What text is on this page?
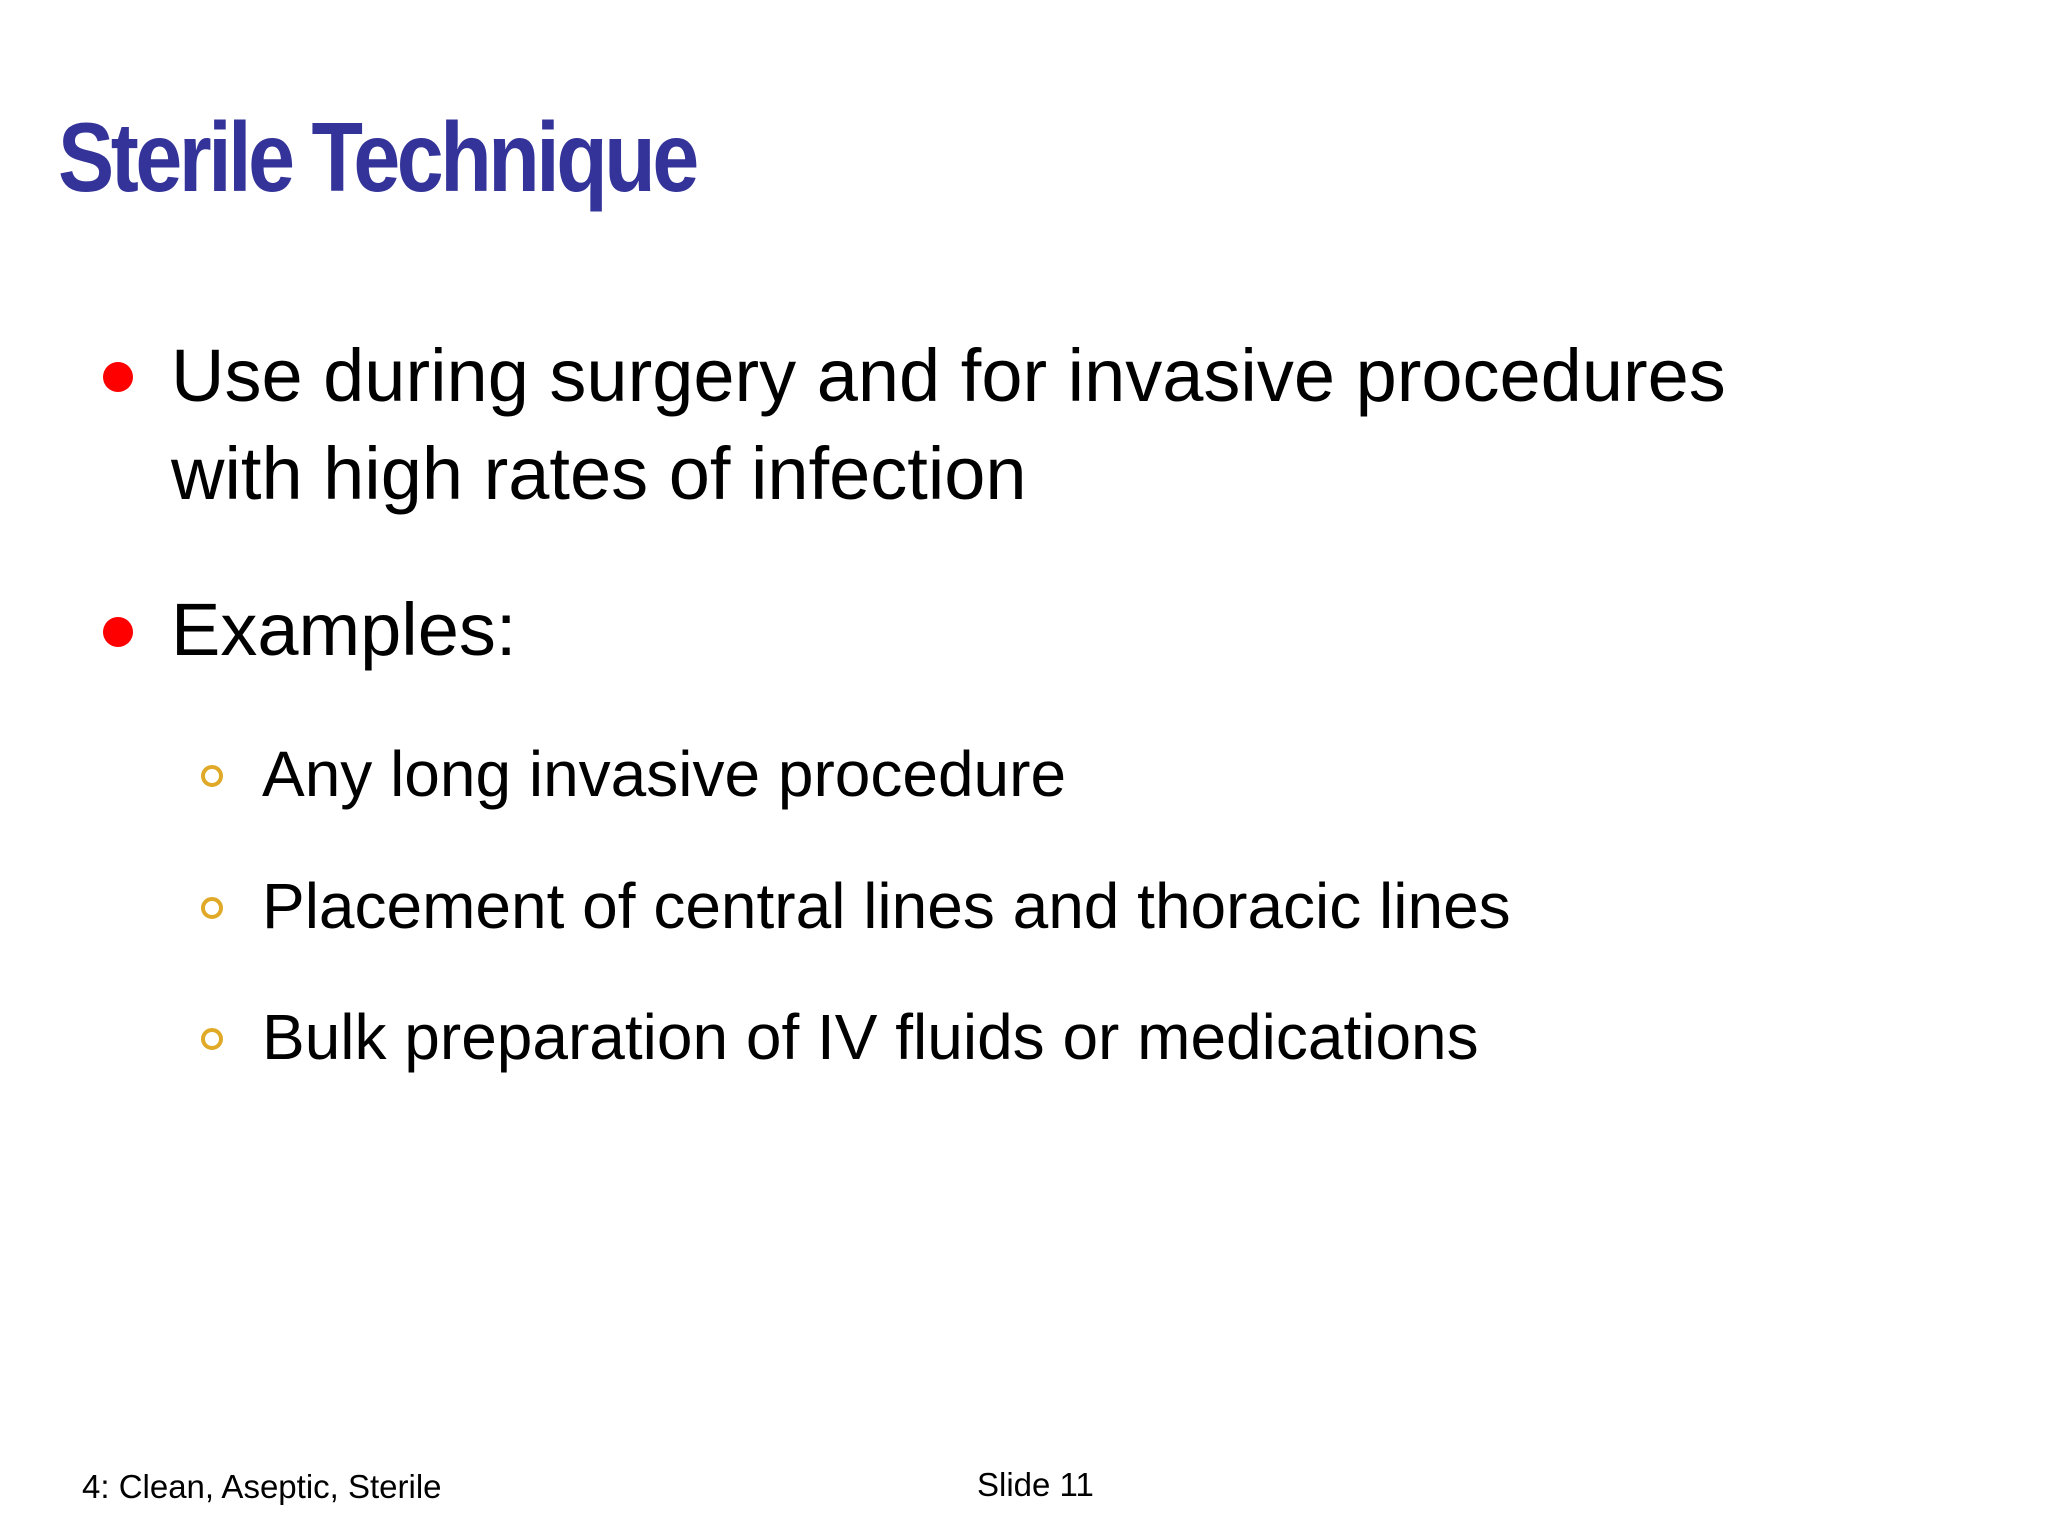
Sterile Technique
Use during surgery and for invasive procedures
with high rates of infection
Examples:
Any long invasive procedure
Placement of central lines and thoracic lines
Bulk preparation of IV fluids or medications
4: Clean, Aseptic, Sterile	Slide 11
